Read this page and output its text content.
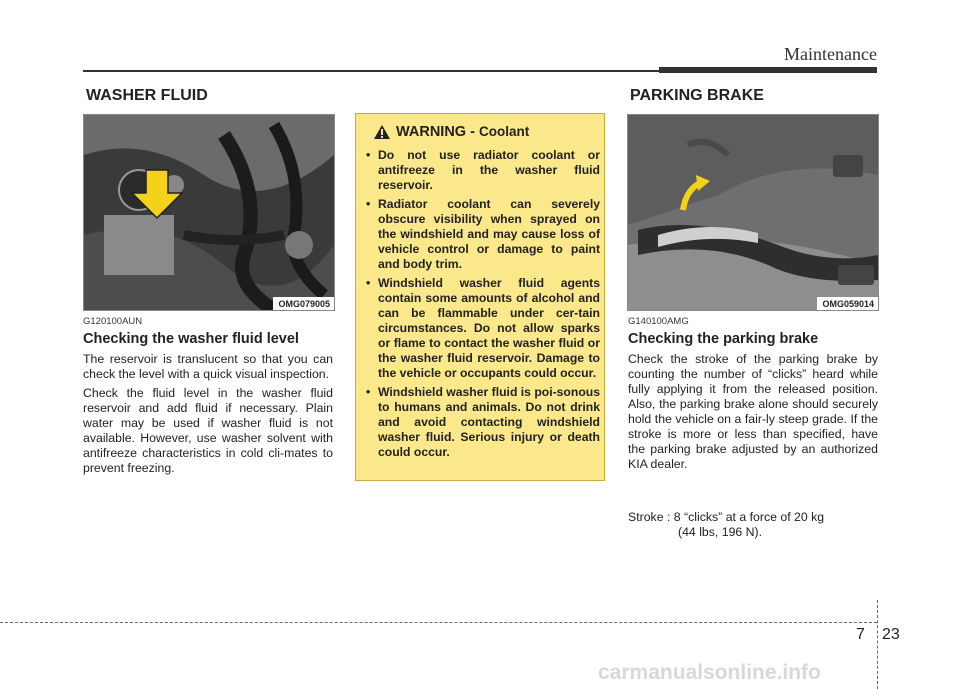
Maintenance
WASHER FLUID
OMG079005
G120100AUN
Checking the washer fluid level

The reservoir is translucent so that you can check the level with a quick visual inspection.

Check the fluid level in the washer fluid reservoir and add fluid if necessary. Plain water may be used if washer fluid is not available. However, use washer solvent with antifreeze characteristics in cold cli-mates to prevent freezing.

WARNING - Coolant
• Do not use radiator coolant or antifreeze in the washer fluid reservoir.
• Radiator coolant can severely obscure visibility when sprayed on the windshield and may cause loss of vehicle control or damage to paint and body trim.
• Windshield washer fluid agents contain some amounts of alcohol and can be flammable under cer-tain circumstances. Do not allow sparks or flame to contact the washer fluid or the washer fluid reservoir. Damage to the vehicle or occupants could occur.
• Windshield washer fluid is poi-sonous to humans and animals. Do not drink and avoid contacting windshield washer fluid. Serious injury or death could occur.
PARKING BRAKE
OMG059014
G140100AMG
Checking the parking brake

Check the stroke of the parking brake by counting the number of “clicks” heard while fully applying it from the released position. Also, the parking brake alone should securely hold the vehicle on a fair-ly steep grade. If the stroke is more or less than specified, have the parking brake adjusted by an authorized KIA dealer.

Stroke : 8 “clicks” at a force of 20 kg
(44 lbs, 196 N).
7 23
carmanualsonline.info
